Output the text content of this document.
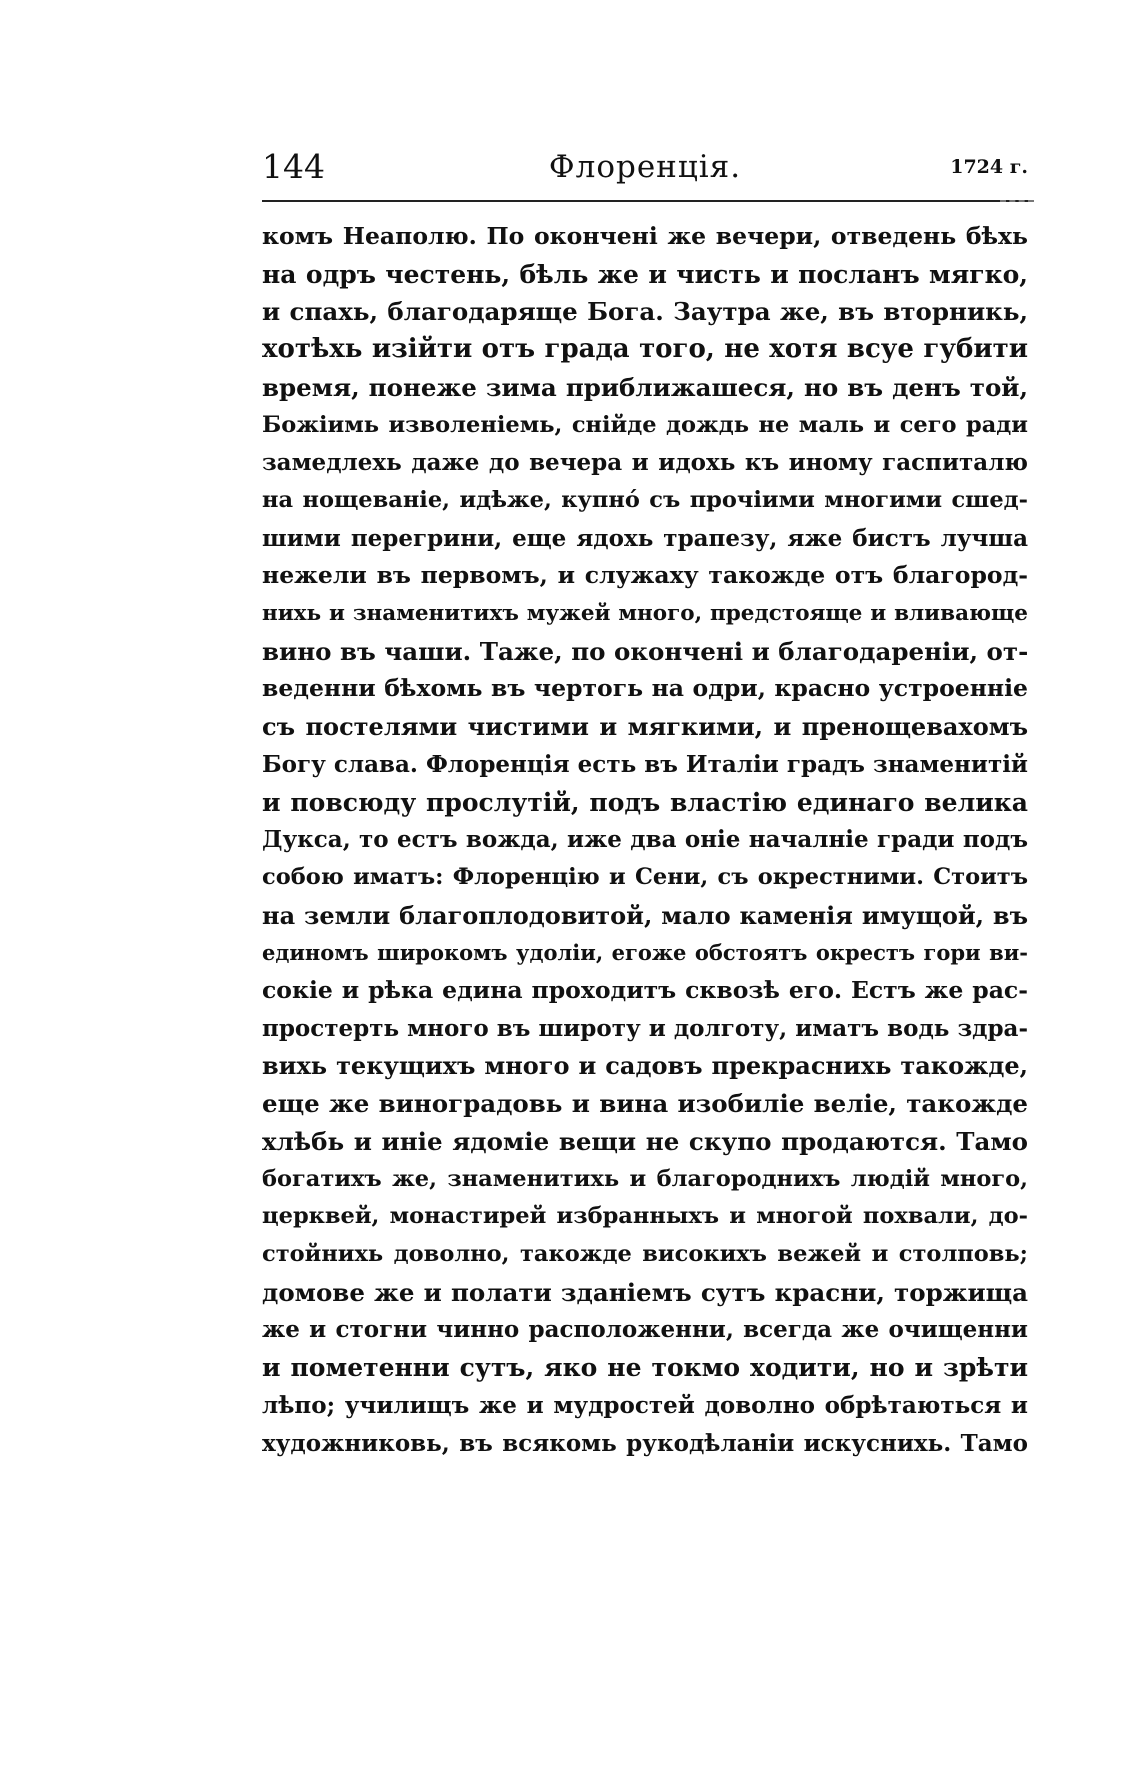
144	Флоренція.	1724 г.
комъ Неаполю. По окончені же вечери, отведень бѣхь
на одръ честень, бѣль же и чисть и посланъ мягко,
и спахь, благодаряще Бога. Заутра же, въ вторникь,
хотѣхь изійти отъ града того, не хотя всуе губити
время, понеже зима приближашеся, но въ денъ той,
Божіимь изволеніемь, снійде дождь не маль и сего ради
замедлехь даже до вечера и идохь къ иному гаспиталю
на нощеваніе, идѣже, купнó съ прочіими многими сшед-
шими перегрини, еще ядохь трапезу, яже бистъ лучша
нежели въ первомъ, и служаху такожде отъ благород-
нихь и знаменитихъ мужей много, предстояще и вливающе
вино въ чаши. Таже, по окончені и благодареніи, от-
веденни бѣхомь въ чертогь на одри, красно устроенніе
съ постелями чистими и мягкими, и пренощевахомъ
Богу слава. Флоренція есть въ Италіи градъ знаменитій
и повсюду прослутій, подъ властію единаго велика
Дукса, то естъ вожда, иже два оніе началніе гради подъ
собою иматъ: Флоренцію и Сени, съ окрестними. Стоитъ
на земли благоплодовитой, мало каменія имущой, въ
единомъ широкомъ удоліи, егоже обстоятъ окрестъ гори ви-
сокіе и рѣка едина проходитъ сквозѣ его. Естъ же рас-
простерть много въ широту и долготу, иматъ водь здра-
вихь текущихъ много и садовъ прекраснихь такожде,
еще же виноградовь и вина изобиліе веліе, такожде
хлѣбь и иніе ядоміе вещи не скупо продаются. Тамо
богатихъ же, знаменитихь и благороднихъ людій много,
церквей, монастирей избранныхъ и многой похвали, до-
стойнихь доволно, такожде високихъ вежей и столповь;
домове же и полати зданіемъ сутъ красни, торжища
же и стогни чинно расположенни, всегда же очищенни
и пометенни сутъ, яко не токмо ходити, но и зрѣти
лѣпо; училищъ же и мудростей доволно обрѣтаються и
художниковь, въ всякомь рукодѣланіи искуснихь. Тамо
